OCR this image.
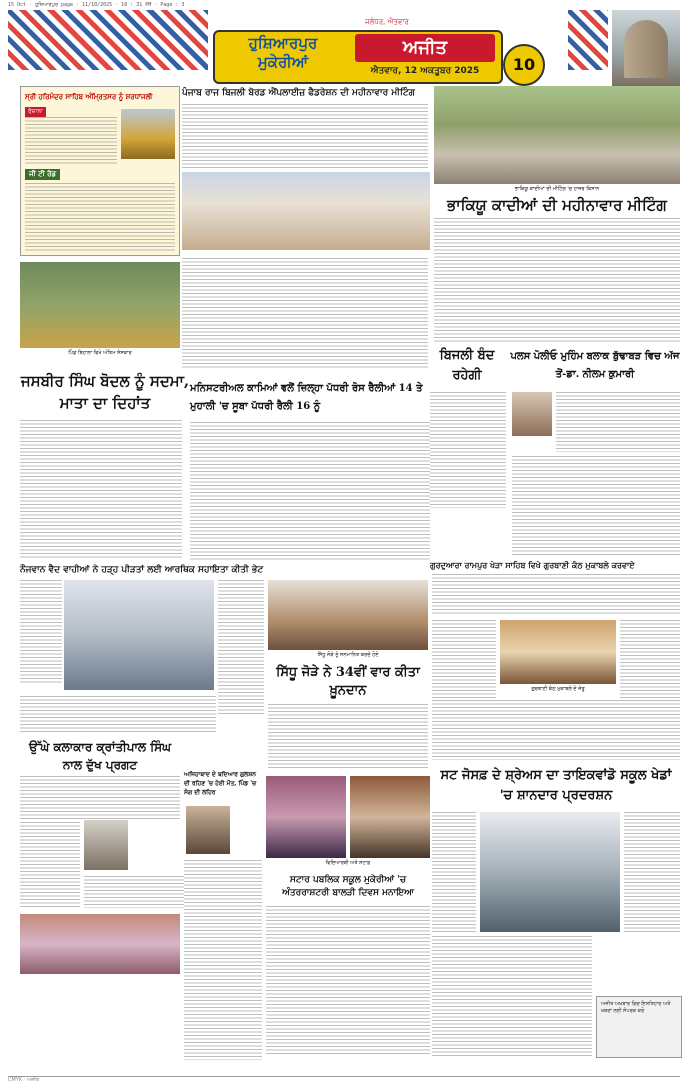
15 Oct · ਹੁਸ਼ਿਆਰਪੁਰ page · 11/10/2025 · 10 : 31 PM · Page : 3
ਜਲੰਧਰ, ਐਤਵਾਰ
ਹੁਸ਼ਿਆਰਪੁਰ ਮੁਕੇਰੀਆਂ
ਅਜੀਤ
ਐਤਵਾਰ, 12 ਅਕਤੂਬਰ 2025	10
ਸ੍ਰੀ ਹਰਿਮੰਦਰ ਸਾਹਿਬ ਅੰਮ੍ਰਿਤਸਰ ਨੂੰ ਸ਼ਰਧਾਂਜਲੀ
ਰੋਜ਼ਾਨਾ
ਜੀ ਟੀ ਰੋਡ
ਪੰਜਾਬ ਰਾਜ ਬਿਜਲੀ ਬੋਰਡ ਐਂਪਲਾਈਜ਼ ਫੈਡਰੇਸ਼ਨ ਦੀ ਮਹੀਨਾਵਾਰ ਮੀਟਿੰਗ
ਭਾਕਿਯੂ ਕਾਦੀਆਂ ਦੀ ਮੀਟਿੰਗ 'ਚ ਹਾਜ਼ਰ ਕਿਸਾਨ
ਭਾਕਿਯੂ ਕਾਦੀਆਂ ਦੀ ਮਹੀਨਾਵਾਰ ਮੀਟਿੰਗ
ਪਿੰਡ ਬਿਹਾਲਾ ਵਿਖੇ ਅੰਤਿਮ ਸੰਸਕਾਰ
ਜਸਬੀਰ ਸਿੰਘ ਬੋਦਲ ਨੂੰ ਸਦਮਾ, ਮਾਤਾ ਦਾ ਦਿਹਾਂਤ
ਮਨਿਸਟਰੀਅਲ ਕਾਮਿਆਂ ਵਲੋਂ ਜ਼ਿਲ੍ਹਾ ਪੱਧਰੀ ਰੋਸ ਰੈਲੀਆਂ 14 ਤੇ ਮੁਹਾਲੀ 'ਚ ਸੂਬਾ ਪੱਧਰੀ ਰੈਲੀ 16 ਨੂੰ
ਬਿਜਲੀ ਬੰਦ ਰਹੇਗੀ
ਪਲਸ ਪੋਲੀਓ ਮੁਹਿੰਮ ਬਲਾਕ ਬੁੱਢਾਬੜ ਵਿਚ ਅੱਜ ਤੋਂ-ਡਾ. ਨੀਲਮ ਕੁਮਾਰੀ
ਨੌਜਵਾਨ ਵੈਦ ਵਾਹੀਆਂ ਨੇ ਹੜ੍ਹ ਪੀੜਤਾਂ ਲਈ ਆਰਥਿਕ ਸਹਾਇਤਾ ਕੀਤੀ ਭੇਟ
ਸਿੱਧੂ ਜੋੜੇ ਨੂੰ ਸਨਮਾਨਿਤ ਕਰਦੇ ਹੋਏ
ਸਿੱਧੂ ਜੋੜੇ ਨੇ 34ਵੀਂ ਵਾਰ ਕੀਤਾ ਖ਼ੂਨਦਾਨ
ਗੁਰਦੁਆਰਾ ਰਾਮਪੁਰ ਖੇੜਾ ਸਾਹਿਬ ਵਿਖੇ ਗੁਰਬਾਣੀ ਕੰਠ ਮੁਕਾਬਲੇ ਕਰਵਾਏ
ਗੁਰਬਾਣੀ ਕੰਠ ਮੁਕਾਬਲੇ ਦੇ ਜੇਤੂ
ਉੱਘੇ ਕਲਾਕਾਰ ਕ੍ਰਾਂਤੀਪਾਲ ਸਿੰਘ ਨਾਲ ਦੁੱਖ ਪ੍ਰਗਟ
ਅਜਿਹਾਬਾਦ ਦੇ ਬਦਿਆਰ ਗੁਲਸ਼ਨ ਦੀ ਰਹਿਣ 'ਚ ਹੋਈ ਮੌਤ, ਪਿੰਡ 'ਚ ਸੋਗ ਦੀ ਲਹਿਰ
ਵਿਦਿਆਰਥੀ ਅਤੇ ਸਟਾਫ਼
ਸਟਾਰ ਪਬਲਿਕ ਸਕੂਲ ਮੁਕੇਰੀਆਂ 'ਚ ਅੰਤਰਰਾਸ਼ਟਰੀ ਬਾਲੜੀ ਦਿਵਸ ਮਨਾਇਆ
ਸਟ ਜੋਸਫ਼ ਦੇ ਸ਼੍ਰੇਅਸ ਦਾ ਤਾਇਕਵਾਂਡੋ ਸਕੂਲ ਖੇਡਾਂ 'ਚ ਸ਼ਾਨਦਾਰ ਪ੍ਰਦਰਸ਼ਨ
ਅਜੀਤ ਅਖ਼ਬਾਰ ਵਿਚ ਇਸ਼ਤਿਹਾਰ ਅਤੇ ਖ਼ਬਰਾਂ ਲਈ ਸੰਪਰਕ ਕਰੋ
CMYK · ਅਜੀਤ
